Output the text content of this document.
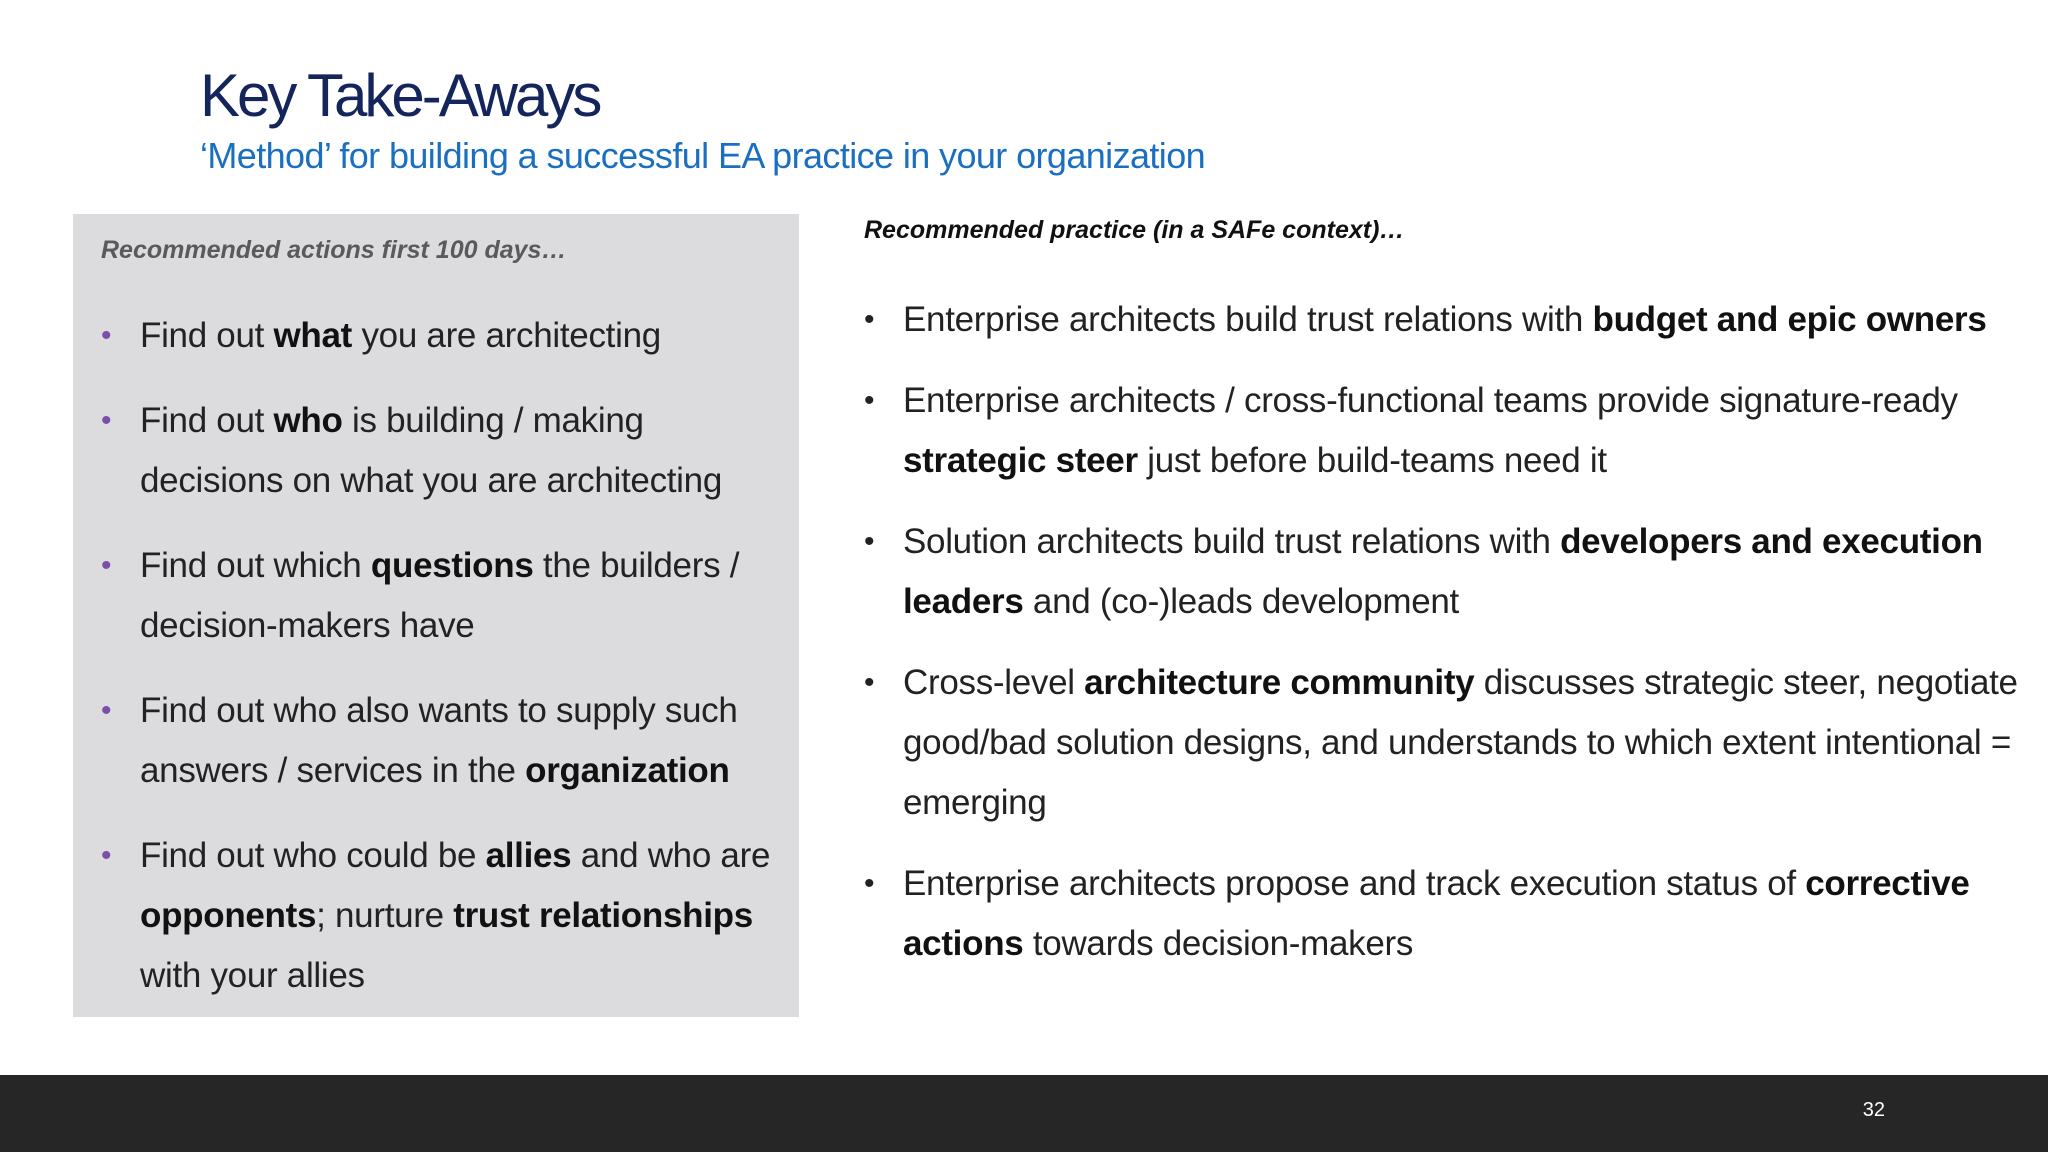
Key Take-Aways
‘Method’ for building a successful EA practice in your organization

Recommended actions first 100 days…

• Find out what you are architecting
• Find out who is building / making decisions on what you are architecting
• Find out which questions the builders / decision-makers have
• Find out who also wants to supply such answers / services in the organization
• Find out who could be allies and who are opponents; nurture trust relationships with your allies

Recommended practice (in a SAFe context)…

• Enterprise architects build trust relations with budget and epic owners
• Enterprise architects / cross-functional teams provide signature-ready strategic steer just before build-teams need it
• Solution architects build trust relations with developers and execution leaders and (co-)leads development
• Cross-level architecture community discusses strategic steer, negotiate good/bad solution designs, and understands to which extent intentional = emerging
• Enterprise architects propose and track execution status of corrective actions towards decision-makers
32
